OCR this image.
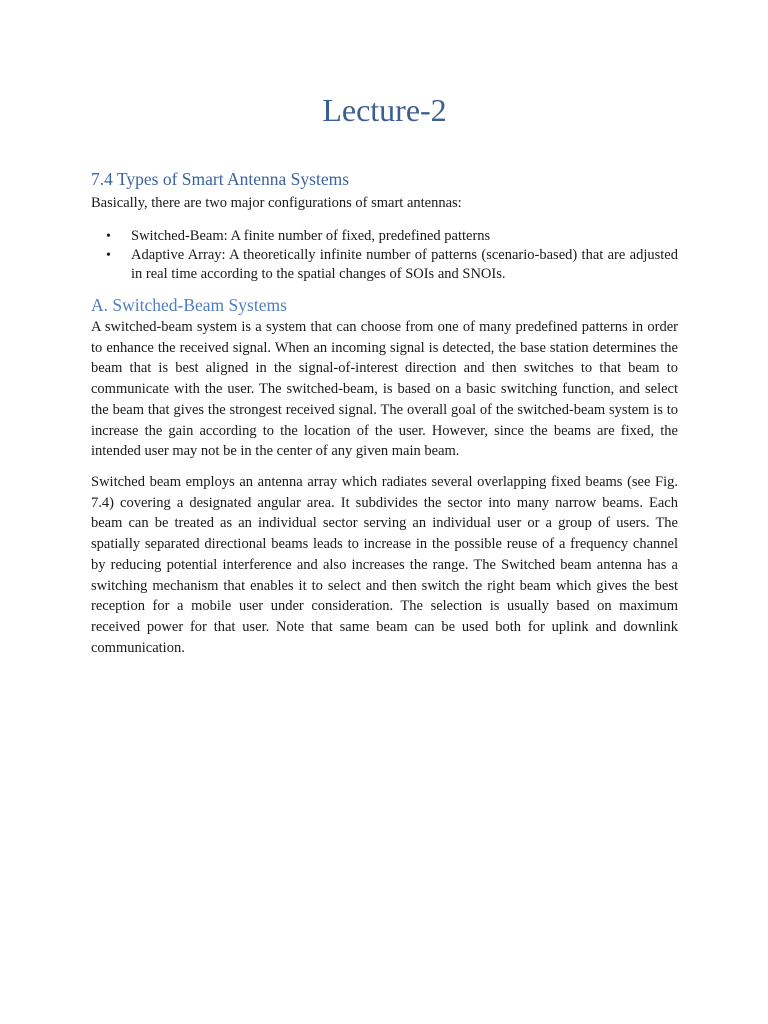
Lecture-2
7.4 Types of Smart Antenna Systems

Basically, there are two major configurations of smart antennas:

• Switched-Beam: A finite number of fixed, predefined patterns
• Adaptive Array: A theoretically infinite number of patterns (scenario-based) that are adjusted in real time according to the spatial changes of SOIs and SNOIs.
A. Switched-Beam Systems

A switched-beam system is a system that can choose from one of many predefined patterns in order to enhance the received signal. When an incoming signal is detected, the base station determines the beam that is best aligned in the signal-of-interest direction and then switches to that beam to communicate with the user. The switched-beam, is based on a basic switching function, and select the beam that gives the strongest received signal. The overall goal of the switched-beam system is to increase the gain according to the location of the user. However, since the beams are fixed, the intended user may not be in the center of any given main beam.

Switched beam employs an antenna array which radiates several overlapping fixed beams (see Fig. 7.4) covering a designated angular area. It subdivides the sector into many narrow beams. Each beam can be treated as an individual sector serving an individual user or a group of users. The spatially separated directional beams leads to increase in the possible reuse of a frequency channel by reducing potential interference and also increases the range. The Switched beam antenna has a switching mechanism that enables it to select and then switch the right beam which gives the best reception for a mobile user under consideration. The selection is usually based on maximum received power for that user. Note that same beam can be used both for uplink and downlink communication.
